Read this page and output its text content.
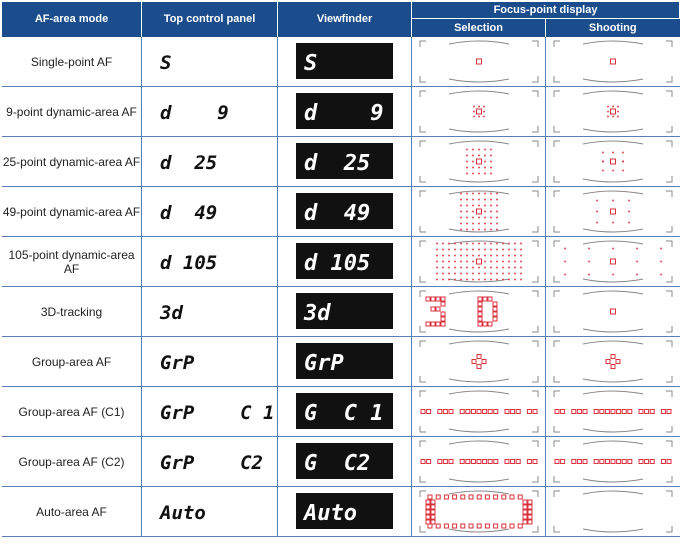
AF-area mode	Top control panel	Viewfinder	Focus-point display	
			Selection	Shooting
Single-point AF	S	S

9-point dynamic-area AF	d    9	d    9

25-point dynamic-area AF	d  25	d  25

49-point dynamic-area AF	d  49	d  49

105-point dynamic-area AF	d 105	d 105

3D-tracking	3d	3d

Group-area AF	GrP	GrP

Group-area AF (C1)	GrP    C 1	G  C 1

Group-area AF (C2)	GrP    C2	G  C2

Auto-area AF	Auto	Auto
